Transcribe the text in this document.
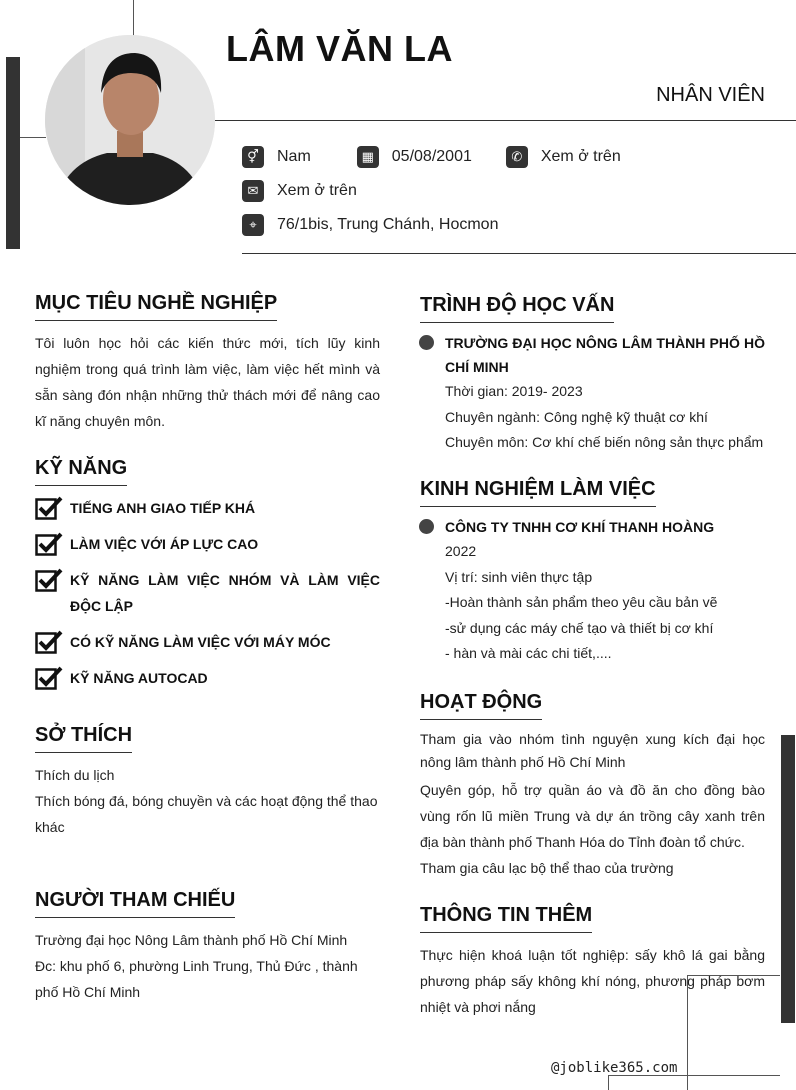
LÂM VĂN LA
NHÂN VIÊN
⚥	Nam	▦	05/08/2001	✆	Xem ở trên
✉	Xem ở trên
⌖	76/1bis, Trung Chánh, Hocmon
MỤC TIÊU NGHỀ NGHIỆP
Tôi luôn học hỏi các kiến thức mới, tích lũy kinh nghiệm trong quá trình làm việc, làm việc hết mình và sẵn sàng đón nhận những thử thách mới để nâng cao kĩ năng chuyên môn.
KỸ NĂNG
TIẾNG ANH GIAO TIẾP KHÁ
LÀM VIỆC VỚI ÁP LỰC CAO
KỸ NĂNG LÀM VIỆC NHÓM VÀ LÀM VIỆC ĐỘC LẬP
CÓ KỸ NĂNG LÀM VIỆC VỚI MÁY MÓC
KỸ NĂNG AUTOCAD
SỞ THÍCH
Thích du lịch
Thích bóng đá, bóng chuyền và các hoạt động thể thao khác
NGƯỜI THAM CHIẾU
Trường đại học Nông Lâm thành phố Hồ Chí Minh
Đc: khu phố 6, phường Linh Trung, Thủ Đức , thành phố Hồ Chí Minh
TRÌNH ĐỘ HỌC VẤN
TRƯỜNG ĐẠI HỌC NÔNG LÂM THÀNH PHỐ HỒ CHÍ MINH
Thời gian: 2019- 2023
Chuyên ngành: Công nghệ kỹ thuật cơ khí
Chuyên môn: Cơ khí chế biến nông sản thực phẩm
KINH NGHIỆM LÀM VIỆC
CÔNG TY TNHH CƠ KHÍ THANH HOÀNG
2022
Vị trí: sinh viên thực tập
-Hoàn thành sản phẩm theo yêu cầu bản vẽ
-sử dụng các máy chế tạo và thiết bị cơ khí
- hàn và mài các chi tiết,....
HOẠT ĐỘNG
Tham gia vào nhóm tình nguyện xung kích đại học nông lâm thành phố Hồ Chí Minh
Quyên góp, hỗ trợ quần áo và đồ ăn cho đồng bào vùng rốn lũ miền Trung và dự án trồng cây xanh trên địa bàn thành phố Thanh Hóa do Tỉnh đoàn tổ chức.
Tham gia câu lạc bộ thể thao của trường
THÔNG TIN THÊM
Thực hiện khoá luận tốt nghiệp: sấy khô lá gai bằng phương pháp sấy không khí nóng, phương pháp bơm nhiệt và phơi nắng
@joblike365.com
